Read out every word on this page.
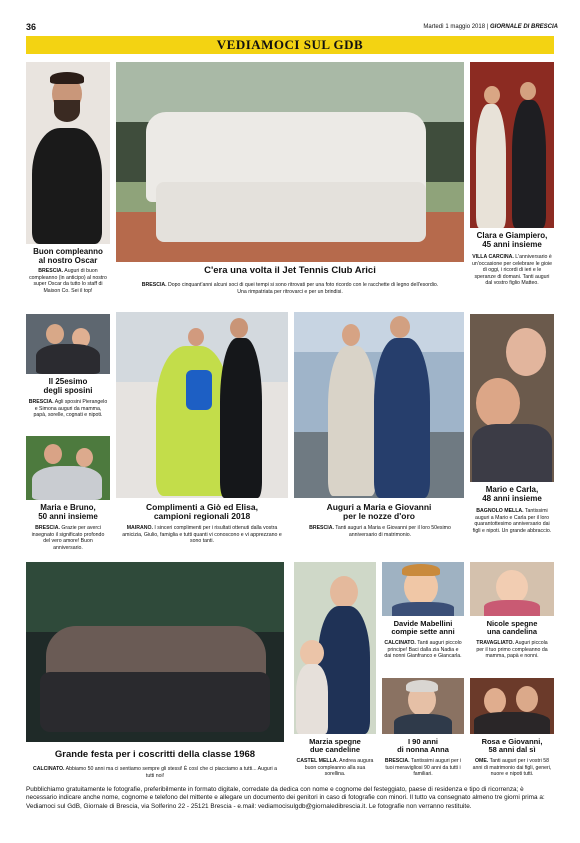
36	Martedì 1 maggio 2018 | GIORNALE DI BRESCIA
VEDIAMOCI SUL GDB
Buon compleanno
al nostro Oscar
BRESCIA. Auguri di buon compleanno (in anticipo) al nostro super Oscar da tutto lo staff di Maison Co. Sei il top!
C'era una volta il Jet Tennis Club Arici
BRESCIA. Dopo cinquant'anni alcuni soci di quei tempi si sono ritrovati per una foto ricordo con le racchette di legno dell'esordio. Una rimpatriata per ritrovarci e per un brindisi.
Clara e Giampiero,
45 anni insieme
VILLA CARCINA. L'anniversario è un'occasione per celebrare le gioie di oggi, i ricordi di ieri e le speranze di domani. Tanti auguri dal vostro figlio Matteo.
Il 25esimo
degli sposini
BRESCIA. Agli sposini Pierangelo e Simona auguri da mamma, papà, sorelle, cognati e nipoti.
Complimenti a Giò ed Elisa,
campioni regionali 2018
MAIRANO. I sinceri complimenti per i risultati ottenuti dalla vostra amicizia, Giulio, famiglia e tutti quanti vi conoscono e vi apprezzano e sono tanti.
Auguri a Maria e Giovanni
per le nozze d'oro
BRESCIA. Tanti auguri a Maria e Giovanni per il loro 50esimo anniversario di matrimonio.
Maria e Bruno,
50 anni insieme
BRESCIA. Grazie per averci insegnato il significato profondo del vero amore! Buon anniversario.
Mario e Carla,
48 anni insieme
BAGNOLO MELLA. Tantissimi auguri a Mario e Carla per il loro quarantottesimo anniversario dai figli e nipoti. Un grande abbraccio.
Grande festa per i coscritti della classe 1968
CALCINATO. Abbiamo 50 anni ma ci sentiamo sempre gli stessi! È così che ci piacciamo a tutti... Auguri a tutti noi!
Marzia spegne
due candeline
CASTEL MELLA. Andrea augura buon compleanno alla sua sorellina.
Davide Mabellini
compie sette anni
CALCINATO. Tanti auguri piccolo principe! Baci dalla zia Nadia e dai nonni Gianfranco e Giancarla.
Nicole spegne
una candelina
TRAVAGLIATO. Auguri piccola per il tuo primo compleanno da mamma, papà e nonni.
I 90 anni
di nonna Anna
BRESCIA. Tantissimi auguri per i tuoi meravigliosi 90 anni da tutti i familiari.
Rosa e Giovanni,
58 anni dal sì
OME. Tanti auguri per i vostri 58 anni di matrimonio dai figli, generi, nuore e nipoti tutti.
Pubblichiamo gratuitamente le fotografie, preferibilmente in formato digitale, corredate da dedica con nome e cognome del festeggiato, paese di residenza e tipo di ricorrenza; è necessario indicare anche nome, cognome e telefono del mittente e allegare un documento dei genitori in caso di fotografie con minori. Il tutto va consegnato almeno tre giorni prima a: Vediamoci sul GdB, Giornale di Brescia, via Solferino 22 - 25121 Brescia - e.mail: vediamocisulgdb@giornaledibrescia.it. Le fotografie non verranno restituite.
